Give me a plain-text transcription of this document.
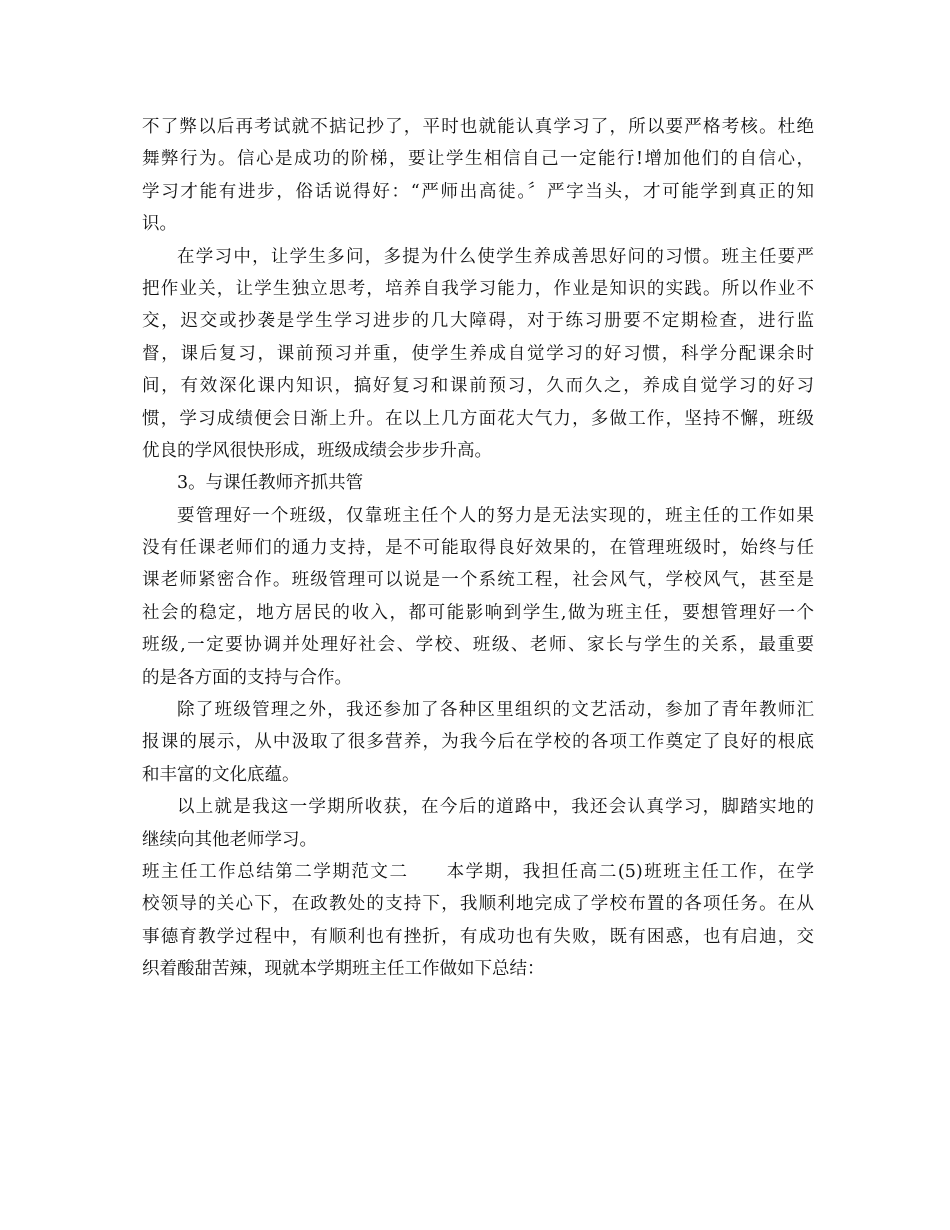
不了弊以后再考试就不掂记抄了，平时也就能认真学习了，所以要严格考核。杜绝
舞弊行为。信心是成功的阶梯，要让学生相信自己一定能行!增加他们的自信心，
学习才能有进步，俗话说得好：“严师出高徒。〞严字当头，才可能学到真正的知
识。
在学习中，让学生多问，多提为什么使学生养成善思好问的习惯。班主任要严
把作业关，让学生独立思考，培养自我学习能力，作业是知识的实践。所以作业不
交，迟交或抄袭是学生学习进步的几大障碍，对于练习册要不定期检查，进行监
督，课后复习，课前预习并重，使学生养成自觉学习的好习惯，科学分配课余时
间，有效深化课内知识，搞好复习和课前预习，久而久之，养成自觉学习的好习
惯，学习成绩便会日渐上升。在以上几方面花大气力，多做工作，坚持不懈，班级
优良的学风很快形成，班级成绩会步步升高。
3。与课任教师齐抓共管
要管理好一个班级，仅靠班主任个人的努力是无法实现的，班主任的工作如果
没有任课老师们的通力支持，是不可能取得良好效果的，在管理班级时，始终与任
课老师紧密合作。班级管理可以说是一个系统工程，社会风气，学校风气，甚至是
社会的稳定，地方居民的收入，都可能影响到学生,做为班主任，要想管理好一个
班级,一定要协调并处理好社会、学校、班级、老师、家长与学生的关系，最重要
的是各方面的支持与合作。
除了班级管理之外，我还参加了各种区里组织的文艺活动，参加了青年教师汇
报课的展示，从中汲取了很多营养，为我今后在学校的各项工作奠定了良好的根底
和丰富的文化底蕴。
以上就是我这一学期所收获，在今后的道路中，我还会认真学习，脚踏实地的
继续向其他老师学习。
班主任工作总结第二学期范文二　　本学期，我担任高二(5)班班主任工作，在学
校领导的关心下，在政教处的支持下，我顺利地完成了学校布置的各项任务。在从
事德育教学过程中，有顺利也有挫折，有成功也有失败，既有困惑，也有启迪，交
织着酸甜苦辣，现就本学期班主任工作做如下总结：
